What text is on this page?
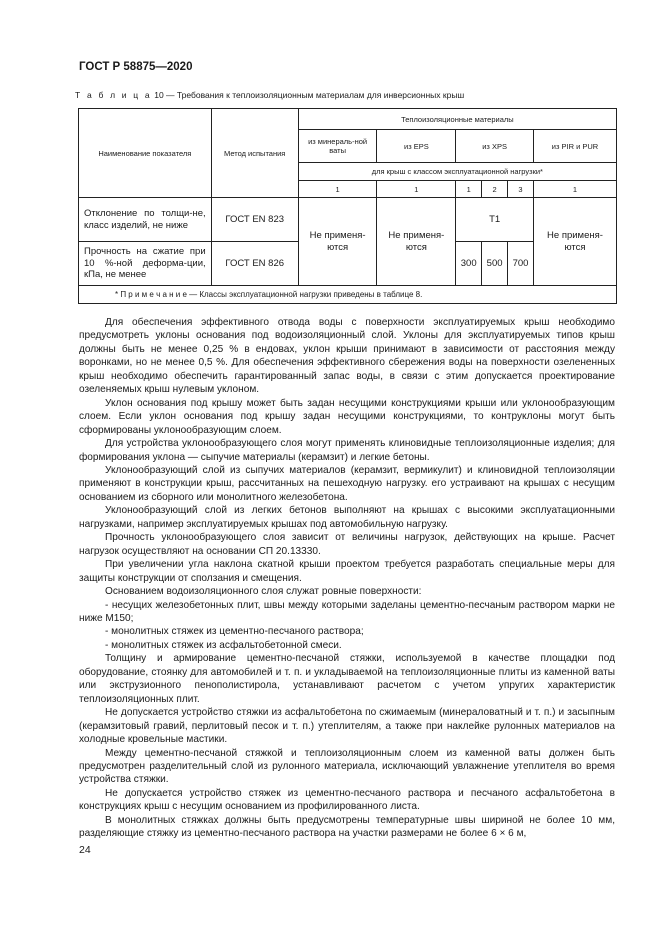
ГОСТ Р 58875—2020
Т а б л и ц а 10 — Требования к теплоизоляционным материалам для инверсионных крыш
Наименование показателя	Метод испытания	Теплоизоляционные материалы					
		из минераль-ной ваты	из EPS	из XPS			из PIR и PUR
		для крыш с классом эксплуатационной нагрузки*					
		1	1	1	2	3	1
Отклонение по толщи-не, класс изделий, не ниже	ГОСТ EN 823	Не применя-ются	Не применя-ются	T1			Не применя-ются
Прочность на сжатие при 10 %-ной деформа-ции, кПа, не менее	ГОСТ EN 826			300	500	700	
* П р и м е ч а н и е — Классы эксплуатационной нагрузки приведены в таблице 8.							

Для обеспечения эффективного отвода воды с поверхности эксплуатируемых крыш необходимо предусмотреть уклоны основания под водоизоляционный слой. Уклоны для эксплуатируемых типов крыш должны быть не менее 0,25 % в ендовах, уклон крыши принимают в зависимости от расстояния между воронками, но не менее 0,5 %. Для обеспечения эффективного сбережения воды на поверхности озелененных крыш необходимо обеспечить гарантированный запас воды, в связи с этим допускается проектирование озеленяемых крыш нулевым уклоном.

Уклон основания под крышу может быть задан несущими конструкциями крыши или уклонообразующим слоем. Если уклон основания под крышу задан несущими конструкциями, то контруклоны могут быть сформированы уклонообразующим слоем.

Для устройства уклонообразующего слоя могут применять клиновидные теплоизоляционные изделия; для формирования уклона — сыпучие материалы (керамзит) и легкие бетоны.

Уклонообразующий слой из сыпучих материалов (керамзит, вермикулит) и клиновидной теплоизоляции применяют в конструкции крыш, рассчитанных на пешеходную нагрузку. его устраивают на крышах с несущим основанием из сборного или монолитного железобетона.

Уклонообразующий слой из легких бетонов выполняют на крышах с высокими эксплуатационными нагрузками, например эксплуатируемых крышах под автомобильную нагрузку.

Прочность уклонообразующего слоя зависит от величины нагрузок, действующих на крыше. Расчет нагрузок осуществляют на основании СП 20.13330.

При увеличении угла наклона скатной крыши проектом требуется разработать специальные меры для защиты конструкции от сползания и смещения.

Основанием водоизоляционного слоя служат ровные поверхности:

- несущих железобетонных плит, швы между которыми заделаны цементно-песчаным раствором марки не ниже М150;

- монолитных стяжек из цементно-песчаного раствора;

- монолитных стяжек из асфальтобетонной смеси.

Толщину и армирование цементно-песчаной стяжки, используемой в качестве площадки под оборудование, стоянку для автомобилей и т. п. и укладываемой на теплоизоляционные плиты из каменной ваты или экструзионного пенополистирола, устанавливают расчетом с учетом упругих характеристик теплоизоляционных плит.

Не допускается устройство стяжки из асфальтобетона по сжимаемым (минераловатный и т. п.) и засыпным (керамзитовый гравий, перлитовый песок и т. п.) утеплителям, а также при наклейке рулонных материалов на холодные кровельные мастики.

Между цементно-песчаной стяжкой и теплоизоляционным слоем из каменной ваты должен быть предусмотрен разделительный слой из рулонного материала, исключающий увлажнение утеплителя во время устройства стяжки.

Не допускается устройство стяжек из цементно-песчаного раствора и песчаного асфальтобетона в конструкциях крыш с несущим основанием из профилированного листа.

В монолитных стяжках должны быть предусмотрены температурные швы шириной не более 10 мм, разделяющие стяжку из цементно-песчаного раствора на участки размерами не более 6 × 6 м,

24
